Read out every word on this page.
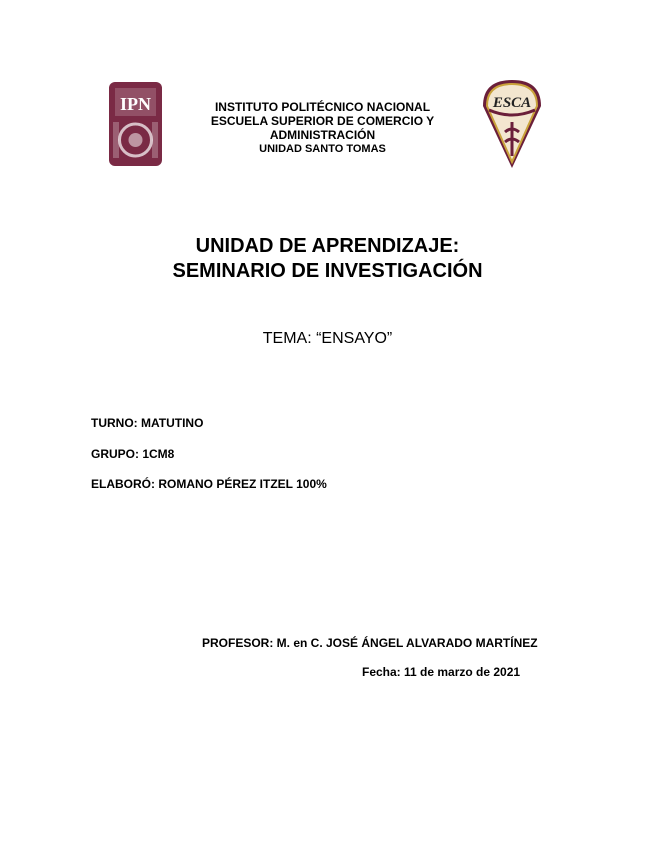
IPN	ESCA
INSTITUTO POLITÉCNICO NACIONAL
ESCUELA SUPERIOR DE COMERCIO Y
ADMINISTRACIÓN
UNIDAD SANTO TOMAS
UNIDAD DE APRENDIZAJE:
SEMINARIO DE INVESTIGACIÓN
TEMA: “ENSAYO”
TURNO: MATUTINO
GRUPO: 1CM8
ELABORÓ: ROMANO PÉREZ ITZEL 100%
PROFESOR: M. en C. JOSÉ ÁNGEL ALVARADO MARTÍNEZ
Fecha: 11 de marzo de 2021
